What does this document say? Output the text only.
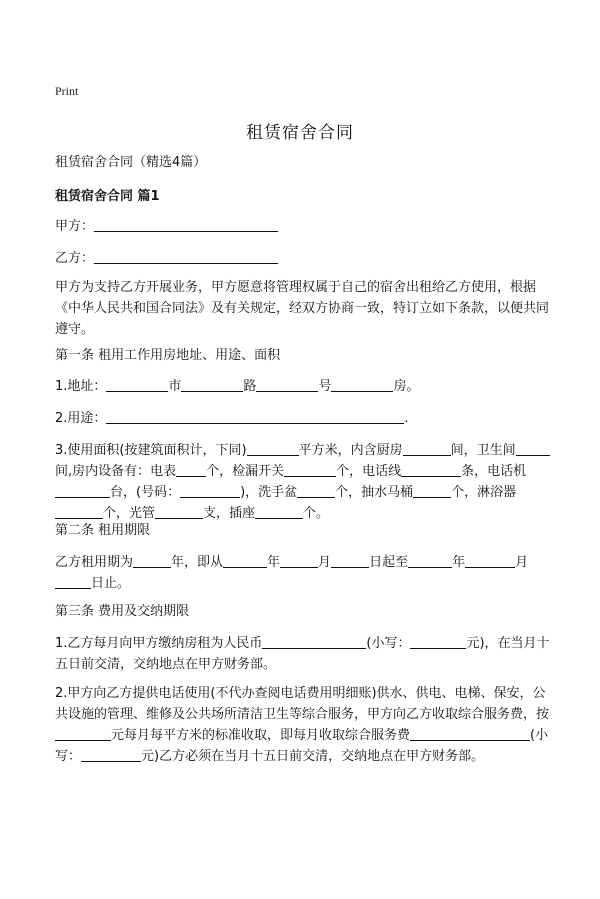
Print
租赁宿舍合同
租赁宿舍合同（精选4篇）
租赁宿舍合同 篇1
甲方：
乙方：
甲方为支持乙方开展业务，甲方愿意将管理权属于自己的宿舍出租给乙方使用，根据《中华人民共和国合同法》及有关规定，经双方协商一致，特订立如下条款，以便共同遵守。
第一条 租用工作用房地址、用途、面积
1.地址：	市	路	号	房。
2.用途：	.
3.使用面积(按建筑面积计，下同)	平方米，内含厨房	间，卫生间间,房内设备有：电表 个，检漏开关	个，电话线	条，电话机台，(号码：	)，洗手盆	个，抽水马桶	个，淋浴器个，光管	支，插座	个。
第二条 租用期限
乙方租用期为	年，即从	年	月	日起至	年	月日止。
第三条 费用及交纳期限
1.乙方每月向甲方缴纳房租为人民币	(小写：	元)，在当月十五日前交清，交纳地点在甲方财务部。
2.甲方向乙方提供电话使用(不代办查阅电话费用明细账)供水、供电、电梯、保安，公共设施的管理、维修及公共场所清洁卫生等综合服务，甲方向乙方收取综合服务费，按元每月每平方米的标准收取，即每月收取综合服务费	(小写：	元)乙方必须在当月十五日前交清，交纳地点在甲方财务部。
